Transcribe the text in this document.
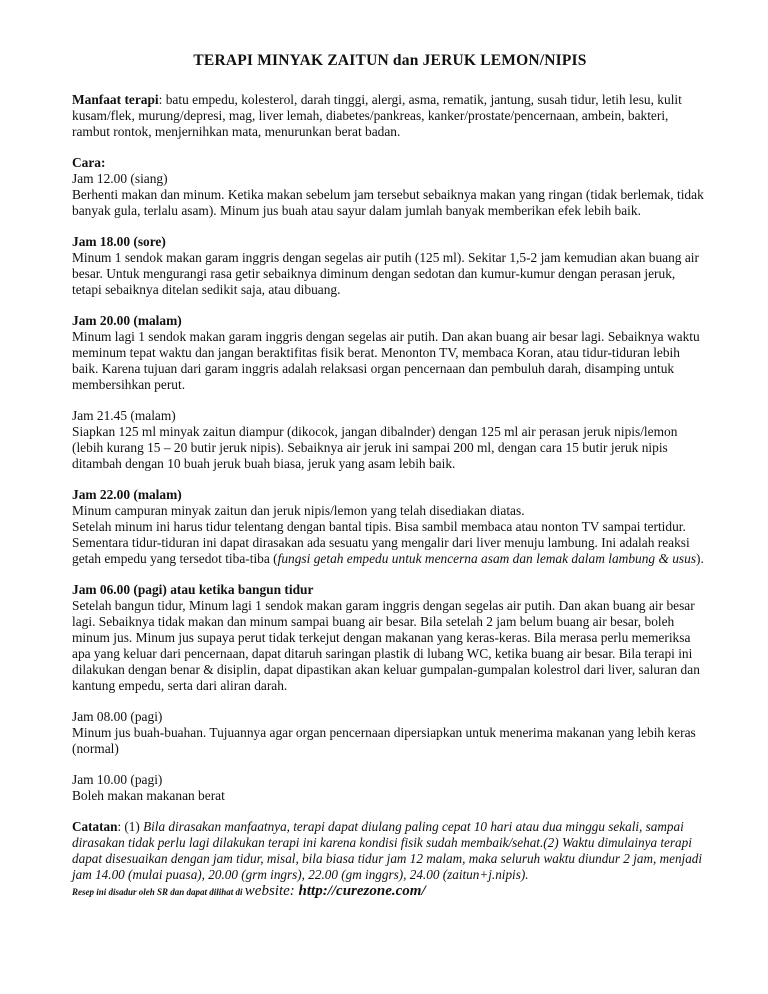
TERAPI MINYAK ZAITUN dan JERUK LEMON/NIPIS

Manfaat terapi: batu empedu, kolesterol, darah tinggi, alergi, asma, rematik, jantung, susah tidur, letih lesu, kulit kusam/flek, murung/depresi, mag, liver lemah, diabetes/pankreas, kanker/prostate/pencernaan, ambein, bakteri, rambut rontok, menjernihkan mata, menurunkan berat badan.

Cara:

Jam 12.00 (siang)

Berhenti makan dan minum. Ketika makan sebelum jam tersebut sebaiknya makan yang ringan (tidak berlemak, tidak banyak gula, terlalu asam). Minum jus buah atau sayur dalam jumlah banyak memberikan efek lebih baik.

Jam 18.00 (sore)

Minum 1 sendok makan garam inggris dengan segelas air putih (125 ml). Sekitar 1,5-2 jam kemudian akan buang air besar. Untuk mengurangi rasa getir sebaiknya diminum dengan sedotan dan kumur-kumur dengan perasan jeruk, tetapi sebaiknya ditelan sedikit saja, atau dibuang.

Jam 20.00 (malam)

Minum lagi 1 sendok makan garam inggris dengan segelas air putih. Dan akan buang air besar lagi. Sebaiknya waktu meminum tepat waktu dan jangan beraktifitas fisik berat. Menonton TV, membaca Koran, atau tidur-tiduran lebih baik. Karena tujuan dari garam inggris adalah relaksasi organ pencernaan dan pembuluh darah, disamping untuk membersihkan perut.

Jam 21.45 (malam)

Siapkan 125 ml minyak zaitun diampur (dikocok, jangan dibalnder) dengan 125 ml air perasan jeruk nipis/lemon (lebih kurang 15 – 20 butir jeruk nipis). Sebaiknya air jeruk ini sampai 200 ml, dengan cara 15 butir jeruk nipis ditambah dengan 10 buah jeruk buah biasa, jeruk yang asam lebih baik.

Jam 22.00 (malam)

Minum campuran minyak zaitun dan jeruk nipis/lemon yang telah disediakan diatas.

Setelah minum ini harus tidur telentang dengan bantal tipis. Bisa sambil membaca atau nonton TV sampai tertidur. Sementara tidur-tiduran ini dapat dirasakan ada sesuatu yang mengalir dari liver menuju lambung. Ini adalah reaksi getah empedu yang tersedot tiba-tiba (fungsi getah empedu untuk mencerna asam dan lemak dalam lambung & usus).

Jam 06.00 (pagi) atau ketika bangun tidur

Setelah bangun tidur, Minum lagi 1 sendok makan garam inggris dengan segelas air putih. Dan akan buang air besar lagi. Sebaiknya tidak makan dan minum sampai buang air besar. Bila setelah 2 jam belum buang air besar, boleh minum jus. Minum jus supaya perut tidak terkejut dengan makanan yang keras-keras. Bila merasa perlu memeriksa apa yang keluar dari pencernaan, dapat ditaruh saringan plastik di lubang WC, ketika buang air besar. Bila terapi ini dilakukan dengan benar & disiplin, dapat dipastikan akan keluar gumpalan-gumpalan kolestrol dari liver, saluran dan kantung empedu, serta dari aliran darah.

Jam 08.00 (pagi)

Minum jus buah-buahan. Tujuannya agar organ pencernaan dipersiapkan untuk menerima makanan yang lebih keras (normal)

Jam 10.00 (pagi)

Boleh makan makanan berat

Catatan: (1) Bila dirasakan manfaatnya, terapi dapat diulang paling cepat 10 hari atau dua minggu sekali, sampai dirasakan tidak perlu lagi dilakukan terapi ini karena kondisi fisik sudah membaik/sehat.(2) Waktu dimulainya terapi dapat disesuaikan dengan jam tidur, misal, bila biasa tidur jam 12 malam, maka seluruh waktu diundur 2 jam, menjadi jam 14.00 (mulai puasa), 20.00 (grm ingrs), 22.00 (gm inggrs), 24.00 (zaitun+j.nipis).

Resep ini disadur oleh SR dan dapat dilihat di website: http://curezone.com/
